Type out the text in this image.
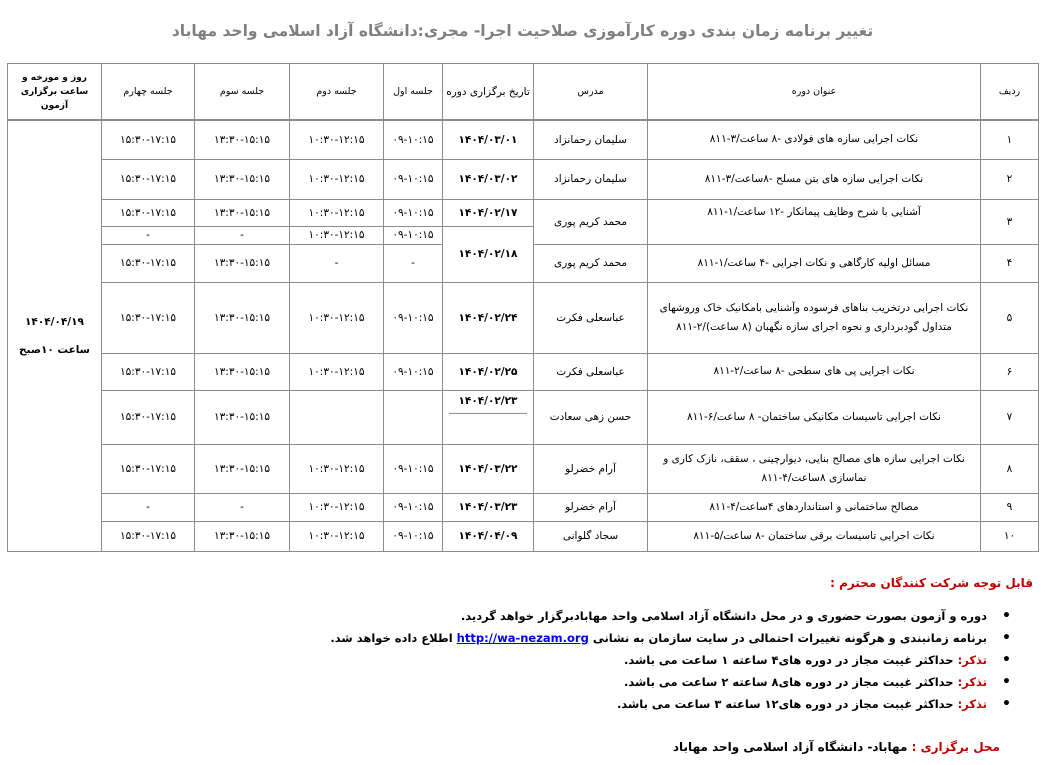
تغییر برنامه زمان بندی دوره کارآموزی صلاحیت اجرا- مجری:دانشگاه آزاد اسلامی واحد مهاباد
ردیف	عنوان دوره	مدرس	تاریخ برگزاری دوره	جلسه اول	جلسه دوم	جلسه سوم	جلسه چهارم	روز و مورخه و ساعت برگزاری آزمون
۱	نکات اجرایی سازه های فولادی -۸ ساعت/۳-۸۱۱	سلیمان رحمانزاد	۱۴۰۴/۰۳/۰۱	۰۹-۱۰:۱۵	۱۰:۳۰-۱۲:۱۵	۱۳:۳۰-۱۵:۱۵	۱۵:۳۰-۱۷:۱۵	۱۴۰۴/۰۴/۱۹
ساعت ۱۰صبح

۲	نکات اجرایی سازه های بتن مسلح -۸ساعت/۳-۸۱۱	سلیمان رحمانزاد	۱۴۰۴/۰۳/۰۲	۰۹-۱۰:۱۵	۱۰:۳۰-۱۲:۱۵	۱۳:۳۰-۱۵:۱۵	۱۵:۳۰-۱۷:۱۵	
۳	آشنایی با شرح وظایف پیمانکار -۱۲ ساعت/۱-۸۱۱	محمد کریم پوری	۱۴۰۴/۰۲/۱۷	۰۹-۱۰:۱۵	۱۰:۳۰-۱۲:۱۵	۱۳:۳۰-۱۵:۱۵	۱۵:۳۰-۱۷:۱۵	
			۱۴۰۴/۰۲/۱۸	۰۹-۱۰:۱۵	۱۰:۳۰-۱۲:۱۵	-	-	
۴	مسائل اولیه کارگاهی و نکات اجرایی -۴ ساعت/۱-۸۱۱	محمد کریم پوری		-	-	۱۳:۳۰-۱۵:۱۵	۱۵:۳۰-۱۷:۱۵	
۵	نکات اجرایی درتخریب بناهای فرسوده وآشنایی بامکانیک خاک وروشهای متداول گودبرداری و نحوه اجرای سازه نگهبان (۸ ساعت)/۲-۸۱۱	عباسعلی فکرت	۱۴۰۴/۰۲/۲۴	۰۹-۱۰:۱۵	۱۰:۳۰-۱۲:۱۵	۱۳:۳۰-۱۵:۱۵	۱۵:۳۰-۱۷:۱۵	
۶	نکات اجرایی پی های سطحی -۸ ساعت/۲-۸۱۱	عباسعلی فکرت	۱۴۰۴/۰۲/۲۵	۰۹-۱۰:۱۵	۱۰:۳۰-۱۲:۱۵	۱۳:۳۰-۱۵:۱۵	۱۵:۳۰-۱۷:۱۵	
۷	نکات اجرایی تاسیسات مکانیکی ساختمان- ۸ ساعت/۶-۸۱۱	حسن زهی سعادت	۱۴۰۴/۰۲/۲۳			۱۳:۳۰-۱۵:۱۵	۱۵:۳۰-۱۷:۱۵	
۸	نکات اجرایی سازه های مصالح بنایی، دیوارچینی ، سقف، نازک کاری و نماسازی ۸ساعت/۴-۸۱۱	آرام خضرلو	۱۴۰۴/۰۳/۲۲	۰۹-۱۰:۱۵	۱۰:۳۰-۱۲:۱۵	۱۳:۳۰-۱۵:۱۵	۱۵:۳۰-۱۷:۱۵	
۹	مصالح ساختمانی و استانداردهای ۴ساعت/۴-۸۱۱	آرام خضرلو	۱۴۰۴/۰۳/۲۳	۰۹-۱۰:۱۵	۱۰:۳۰-۱۲:۱۵	-	-	
۱۰	نکات اجرایی تاسیسات برقی ساختمان -۸ ساعت/۵-۸۱۱	سجاد گلوانی	۱۴۰۴/۰۴/۰۹	۰۹-۱۰:۱۵	۱۰:۳۰-۱۲:۱۵	۱۳:۳۰-۱۵:۱۵	۱۵:۳۰-۱۷:۱۵	
قابل توجه شرکت کنندگان محترم :
• دوره و آزمون بصورت حضوری و در محل دانشگاه آزاد اسلامی واحد مهابادبرگزار خواهد گردید.
• برنامه زمانبندی و هرگونه تغییرات احتمالی در سایت سازمان به نشانی http://wa-nezam.org اطلاع داده خواهد شد.
• تذکر: حداکثر غیبت مجاز در دوره های۴ ساعته ۱ ساعت می باشد.
• تذکر: حداکثر غیبت مجاز در دوره های۸ ساعته ۲ ساعت می باشد.
• تذکر: حداکثر غیبت مجاز در دوره های۱۲ ساعته ۳ ساعت می باشد.
محل برگزاری : مهاباد- دانشگاه آزاد اسلامی واحد مهاباد
